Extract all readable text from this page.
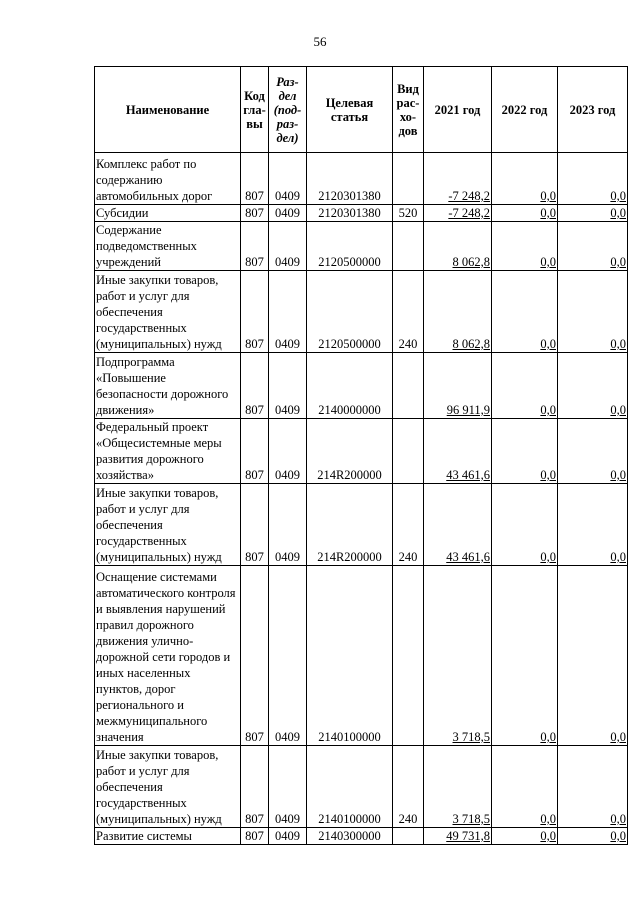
56
Наименование	Код гла- вы	Раз- дел (под- раз- дел)	Целевая статья	Вид рас- хо- дов	2021 год	2022 год	2023 год
Комплекс работ по содержанию автомобильных дорог	807	0409	2120301380		-7 248,2	0,0	0,0
Субсидии	807	0409	2120301380	520	-7 248,2	0,0	0,0
Содержание подведомственных учреждений	807	0409	2120500000		8 062,8	0,0	0,0
Иные закупки товаров, работ и услуг для обеспечения государственных (муниципальных) нужд	807	0409	2120500000	240	8 062,8	0,0	0,0
Подпрограмма «Повышение безопасности дорожного движения»	807	0409	2140000000		96 911,9	0,0	0,0
Федеральный проект «Общесистемные меры развития дорожного хозяйства»	807	0409	214R200000		43 461,6	0,0	0,0
Иные закупки товаров, работ и услуг для обеспечения государственных (муниципальных) нужд	807	0409	214R200000	240	43 461,6	0,0	0,0
Оснащение системами автоматического контроля и выявления нарушений правил дорожного движения улично-дорожной сети городов и иных населенных пунктов, дорог регионального и межмуниципального значения	807	0409	2140100000		3 718,5	0,0	0,0
Иные закупки товаров, работ и услуг для обеспечения государственных (муниципальных) нужд	807	0409	2140100000	240	3 718,5	0,0	0,0
Развитие системы	807	0409	2140300000		49 731,8	0,0	0,0
